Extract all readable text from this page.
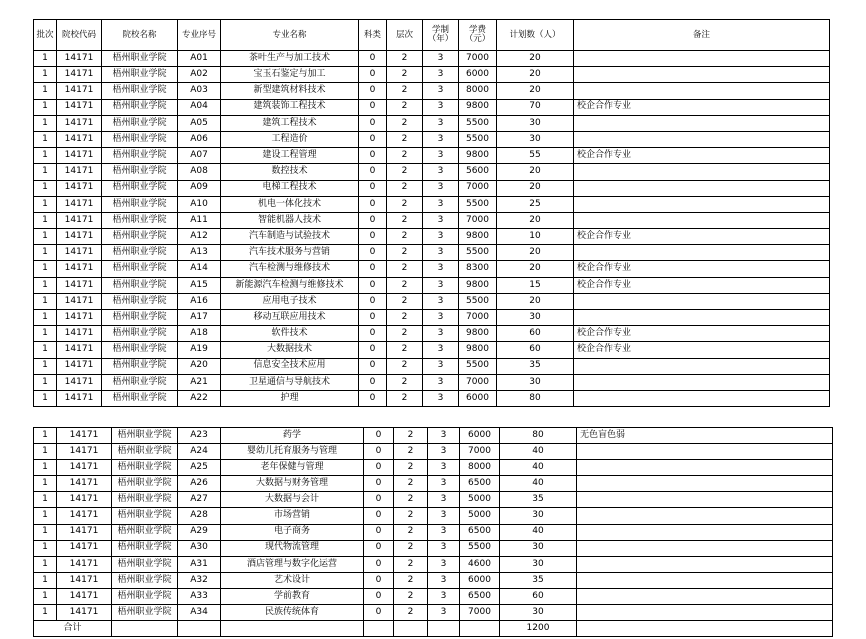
批次	院校代码	院校名称	专业序号	专业名称	科类	层次	学制（年）	学费（元）	计划数（人）	备注
1	14171	梧州职业学院	A01	茶叶生产与加工技术	0	2	3	7000	20	
1	14171	梧州职业学院	A02	宝玉石鉴定与加工	0	2	3	6000	20	
1	14171	梧州职业学院	A03	新型建筑材料技术	0	2	3	8000	20	
1	14171	梧州职业学院	A04	建筑装饰工程技术	0	2	3	9800	70	校企合作专业
1	14171	梧州职业学院	A05	建筑工程技术	0	2	3	5500	30	
1	14171	梧州职业学院	A06	工程造价	0	2	3	5500	30	
1	14171	梧州职业学院	A07	建设工程管理	0	2	3	9800	55	校企合作专业
1	14171	梧州职业学院	A08	数控技术	0	2	3	5600	20	
1	14171	梧州职业学院	A09	电梯工程技术	0	2	3	7000	20	
1	14171	梧州职业学院	A10	机电一体化技术	0	2	3	5500	25	
1	14171	梧州职业学院	A11	智能机器人技术	0	2	3	7000	20	
1	14171	梧州职业学院	A12	汽车制造与试验技术	0	2	3	9800	10	校企合作专业
1	14171	梧州职业学院	A13	汽车技术服务与营销	0	2	3	5500	20	
1	14171	梧州职业学院	A14	汽车检测与维修技术	0	2	3	8300	20	校企合作专业
1	14171	梧州职业学院	A15	新能源汽车检测与维修技术	0	2	3	9800	15	校企合作专业
1	14171	梧州职业学院	A16	应用电子技术	0	2	3	5500	20	
1	14171	梧州职业学院	A17	移动互联应用技术	0	2	3	7000	30	
1	14171	梧州职业学院	A18	软件技术	0	2	3	9800	60	校企合作专业
1	14171	梧州职业学院	A19	大数据技术	0	2	3	9800	60	校企合作专业
1	14171	梧州职业学院	A20	信息安全技术应用	0	2	3	5500	35	
1	14171	梧州职业学院	A21	卫星通信与导航技术	0	2	3	7000	30	
1	14171	梧州职业学院	A22	护理	0	2	3	6000	80	
1	14171	梧州职业学院	A23	药学	0	2	3	6000	80	无色盲色弱
1	14171	梧州职业学院	A24	婴幼儿托育服务与管理	0	2	3	7000	40	
1	14171	梧州职业学院	A25	老年保健与管理	0	2	3	8000	40	
1	14171	梧州职业学院	A26	大数据与财务管理	0	2	3	6500	40	
1	14171	梧州职业学院	A27	大数据与会计	0	2	3	5000	35	
1	14171	梧州职业学院	A28	市场营销	0	2	3	5000	30	
1	14171	梧州职业学院	A29	电子商务	0	2	3	6500	40	
1	14171	梧州职业学院	A30	现代物流管理	0	2	3	5500	30	
1	14171	梧州职业学院	A31	酒店管理与数字化运营	0	2	3	4600	30	
1	14171	梧州职业学院	A32	艺术设计	0	2	3	6000	35	
1	14171	梧州职业学院	A33	学前教育	0	2	3	6500	60	
1	14171	梧州职业学院	A34	民族传统体育	0	2	3	7000	30	
合计									1200	
